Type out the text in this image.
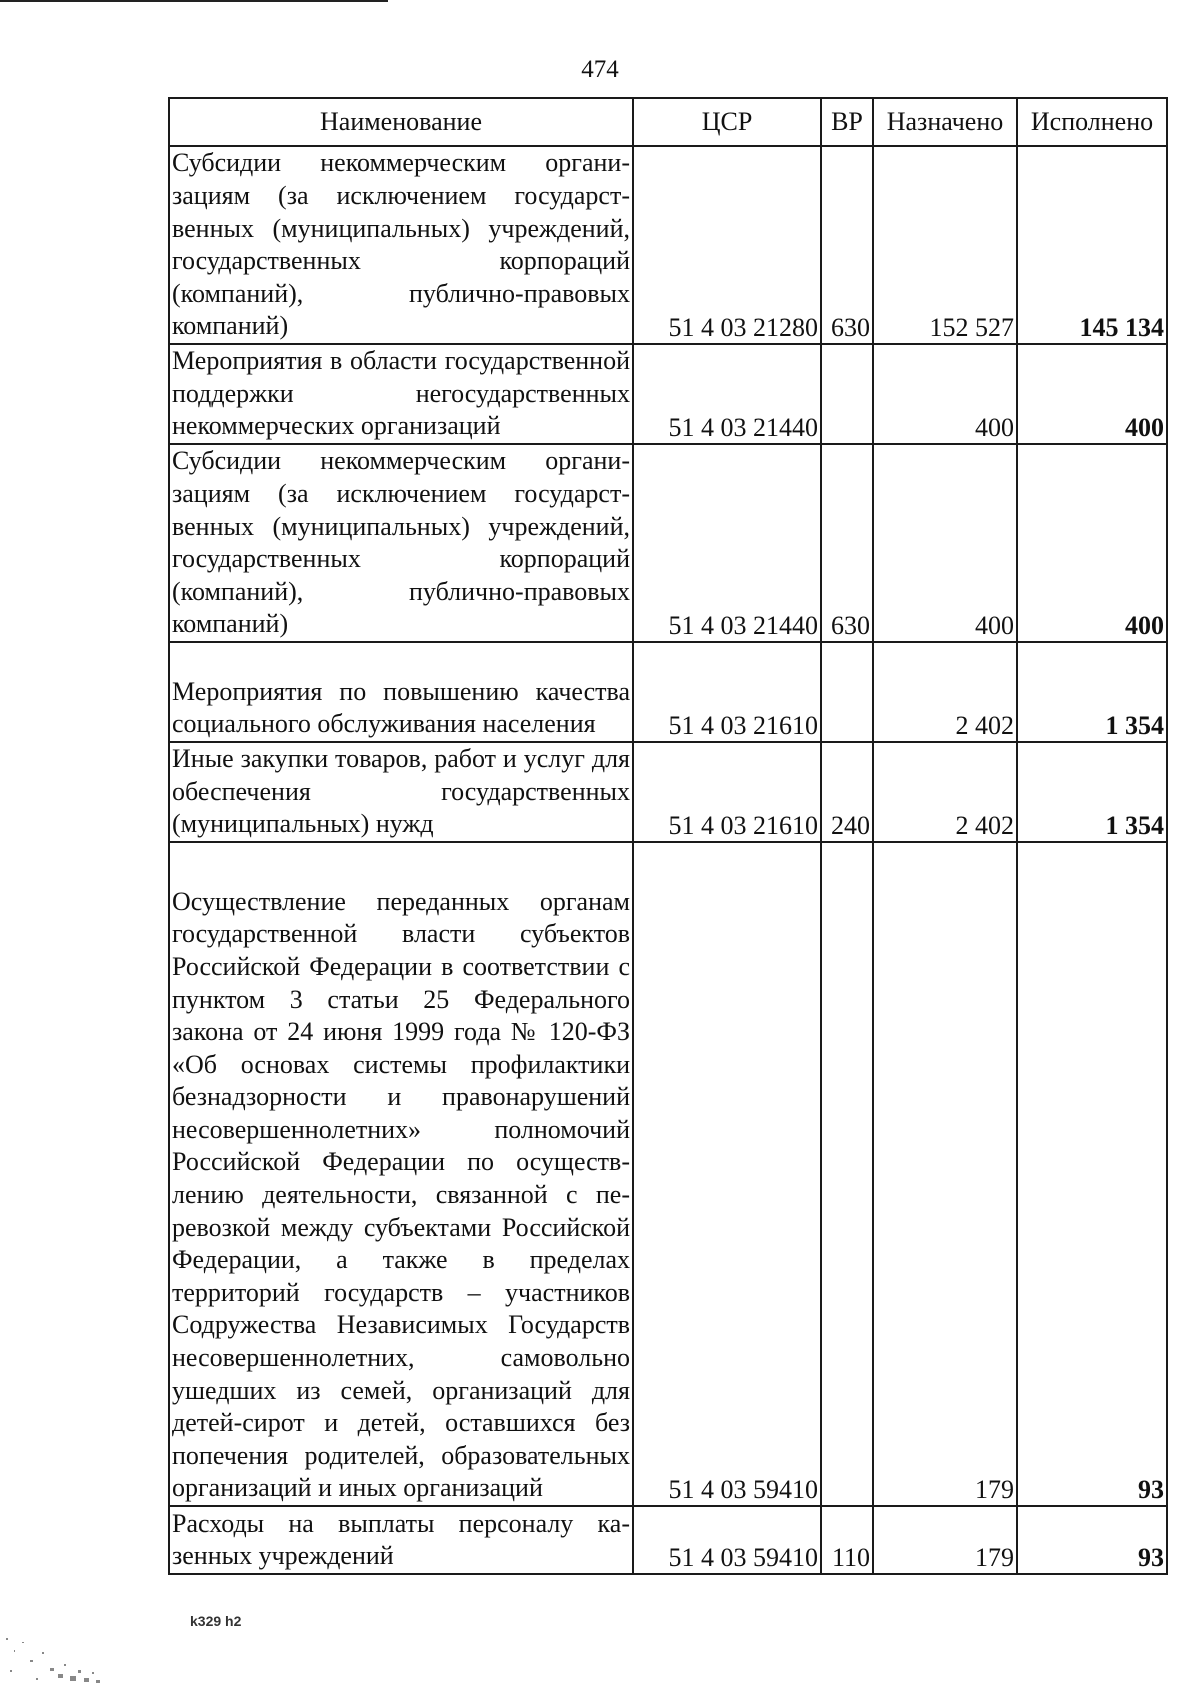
474
Наименование	ЦСР	ВР	Назначено	Исполнено
Субсидии некоммерческим организациям (за исключением государственных (муниципальных) учреждений, государственных корпораций (компаний), публично-правовых компаний)	51 4 03 21280	630	152 527	145 134
Мероприятия в области государственной поддержки негосударственных некоммерческих организаций	51 4 03 21440		400	400
Субсидии некоммерческим организациям (за исключением государственных (муниципальных) учреждений, государственных корпораций (компаний), публично-правовых компаний)	51 4 03 21440	630	400	400
Мероприятия по повышению качества социального обслуживания населения	51 4 03 21610		2 402	1 354
Иные закупки товаров, работ и услуг для обеспечения государственных (муниципальных) нужд	51 4 03 21610	240	2 402	1 354
Осуществление переданных органам государственной власти субъектов Российской Федерации в соответствии с пунктом 3 статьи 25 Федерального закона от 24 июня 1999 года № 120-ФЗ «Об основах системы профилактики безнадзорности и правонарушений несовершеннолетних» полномочий Российской Федерации по осуществлению деятельности, связанной с перевозкой между субъектами Российской Федерации, а также в пределах территорий государств – участников Содружества Независимых Государств несовершеннолетних, самовольно ушедших из семей, организаций для детей-сирот и детей, оставшихся без попечения родителей, образовательных организаций и иных организаций	51 4 03 59410		179	93
Расходы на выплаты персоналу казенных учреждений	51 4 03 59410	110	179	93
k329 h2
